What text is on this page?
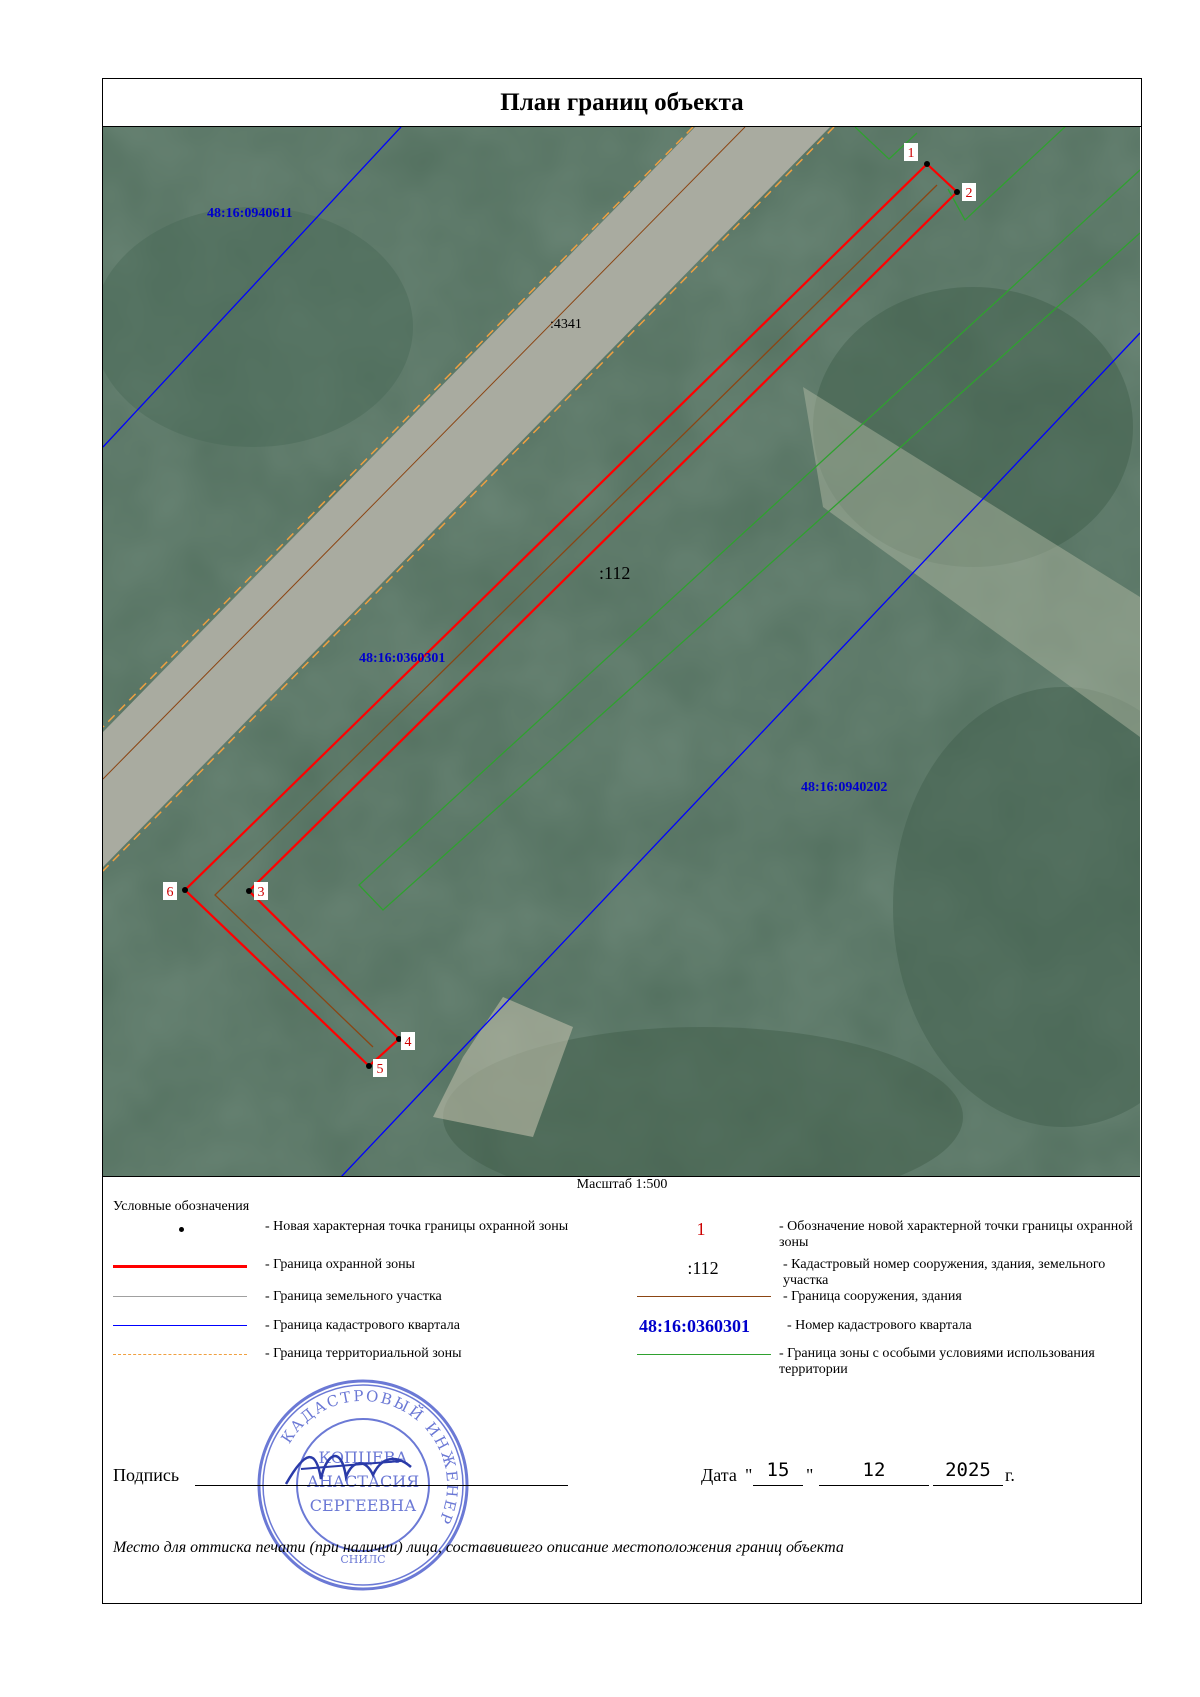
План границ объекта
1
2
3
4
5
6
48:16:0940611
48:16:0360301
48:16:0940202
:4341
:112
Масштаб 1:500
Условные обозначения
- Новая характерная точка границы охранной зоны
- Граница охранной зоны
- Граница земельного участка
- Граница кадастрового квартала
- Граница территориальной зоны
1	- Обозначение новой характерной точки границы охранной зоны
:112	- Кадастровый номер сооружения, здания, земельного участка
- Граница сооружения, здания
48:16:0360301	- Номер кадастрового квартала
- Граница зоны с особыми условиями использования территории
КАДАСТРОВЫЙ ИНЖЕНЕР
СНИЛС
КОПЦЕВА
АНАСТАСИЯ
СЕРГЕЕВНА
Подпись	Дата " 15 "	12	2025 г.
Место для оттиска печати (при наличии) лица, составившего описание местоположения границ объекта
